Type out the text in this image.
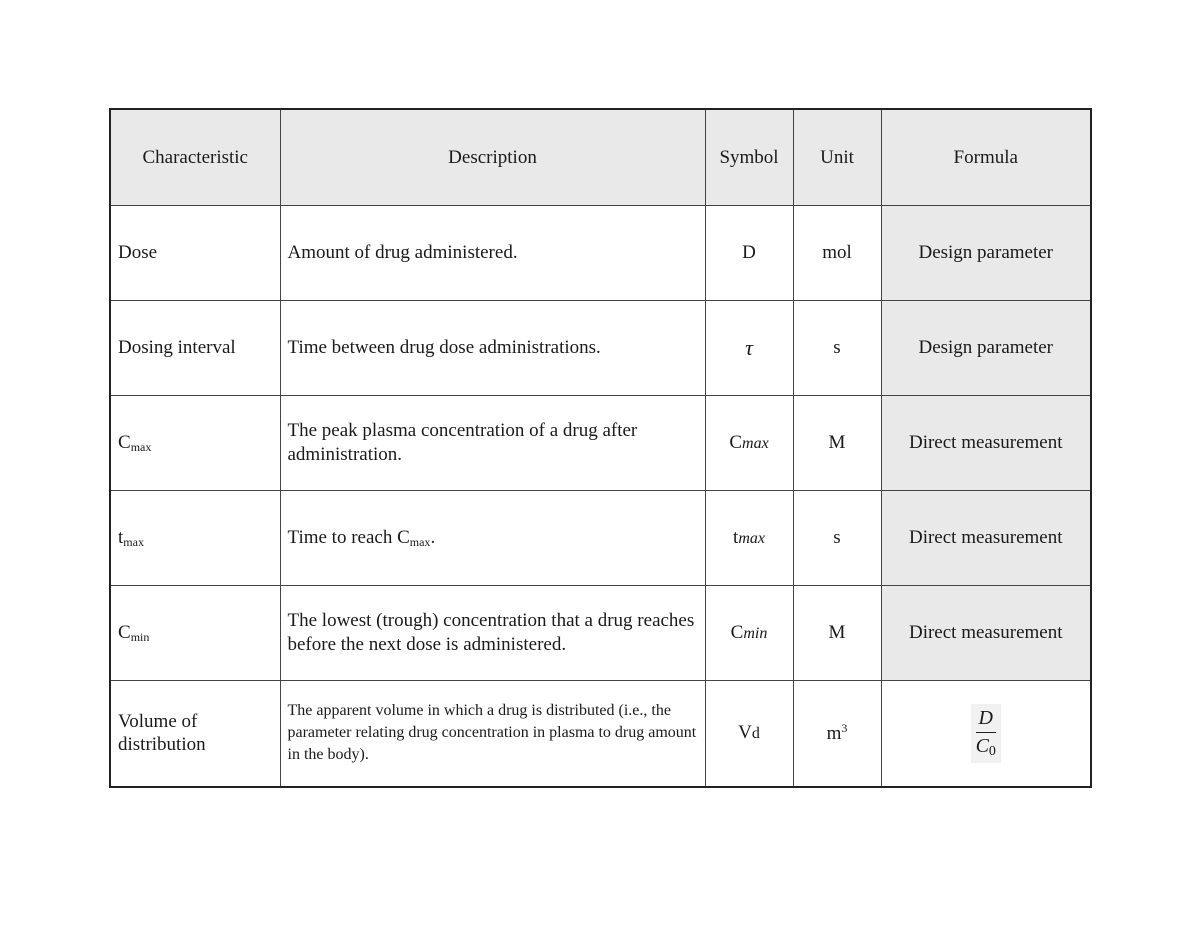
Characteristic	Description	Symbol	Unit	Formula
Dose	Amount of drug administered.	D	mol	Design parameter
Dosing interval	Time between drug dose administrations.	τ	s	Design parameter
Cmax	The peak plasma concentration of a drug after administration.	Cmax	M	Direct measurement
tmax	Time to reach Cmax.	tmax	s	Direct measurement
Cmin	The lowest (trough) concentration that a drug reaches before the next dose is administered.	Cmin	M	Direct measurement
Volume of distribution	The apparent volume in which a drug is distributed (i.e., the parameter relating drug concentration in plasma to drug amount in the body).	Vd	$m^3$	$\frac{D}{C0}$
